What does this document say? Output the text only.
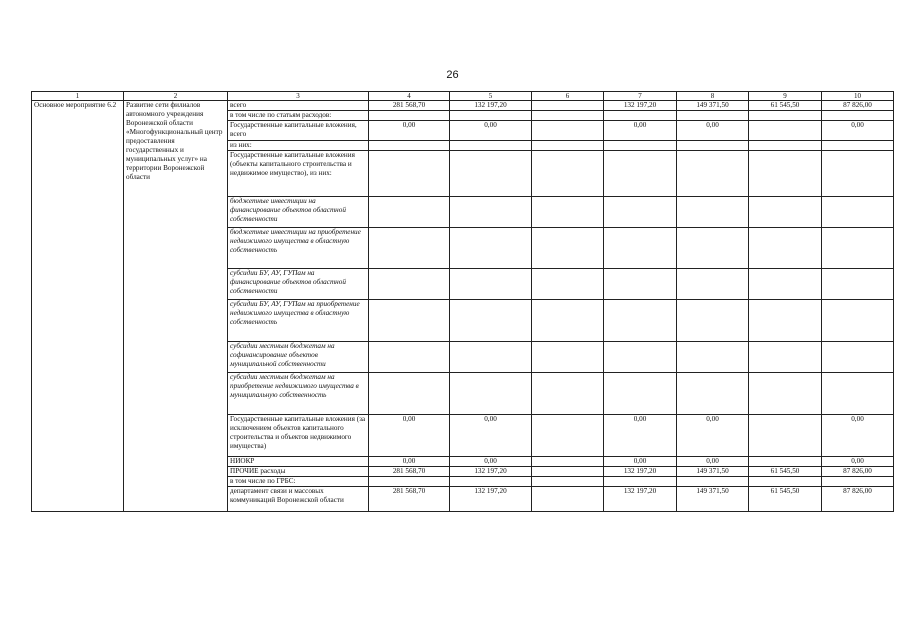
26
1	2	3	4	5	6	7	8	9	10
Основное мероприятие 6.2	Развитие сети филиалов автономного учреждения Воронежской области «Многофункциональный центр предоставления государственных и муниципальных услуг» на территории Воронежской области	всего	281 568,70	132 197,20		132 197,20	149 371,50	61 545,50	87 826,00
		в том числе по статьям расходов:							
		Государственные капитальные вложения, всего	0,00	0,00		0,00	0,00		0,00
		из них:							
		Государственные капитальные вложения (объекты капитального строительства и недвижимое имущество), из них:							
		бюджетные инвестиции на финансирование объектов областной собственности							
		бюджетные инвестиции на приобретение недвижимого имущества в областную собственность							
		субсидии БУ, АУ, ГУПам на финансирование объектов областной собственности							
		субсидии БУ, АУ, ГУПам на приобретение недвижимого имущества в областную собственность							
		субсидии местным бюджетам на софинансирование объектов муниципальной собственности							
		субсидии местным бюджетам на приобретение недвижимого имущества в муниципальную собственность							
		Государственные капитальные вложения (за исключением объектов капитального строительства и объектов недвижимого имущества)	0,00	0,00		0,00	0,00		0,00
		НИОКР	0,00	0,00		0,00	0,00		0,00
		ПРОЧИЕ расходы	281 568,70	132 197,20		132 197,20	149 371,50	61 545,50	87 826,00
		в том числе по ГРБС:							
		департамент связи и массовых коммуникаций Воронежской области	281 568,70	132 197,20		132 197,20	149 371,50	61 545,50	87 826,00
